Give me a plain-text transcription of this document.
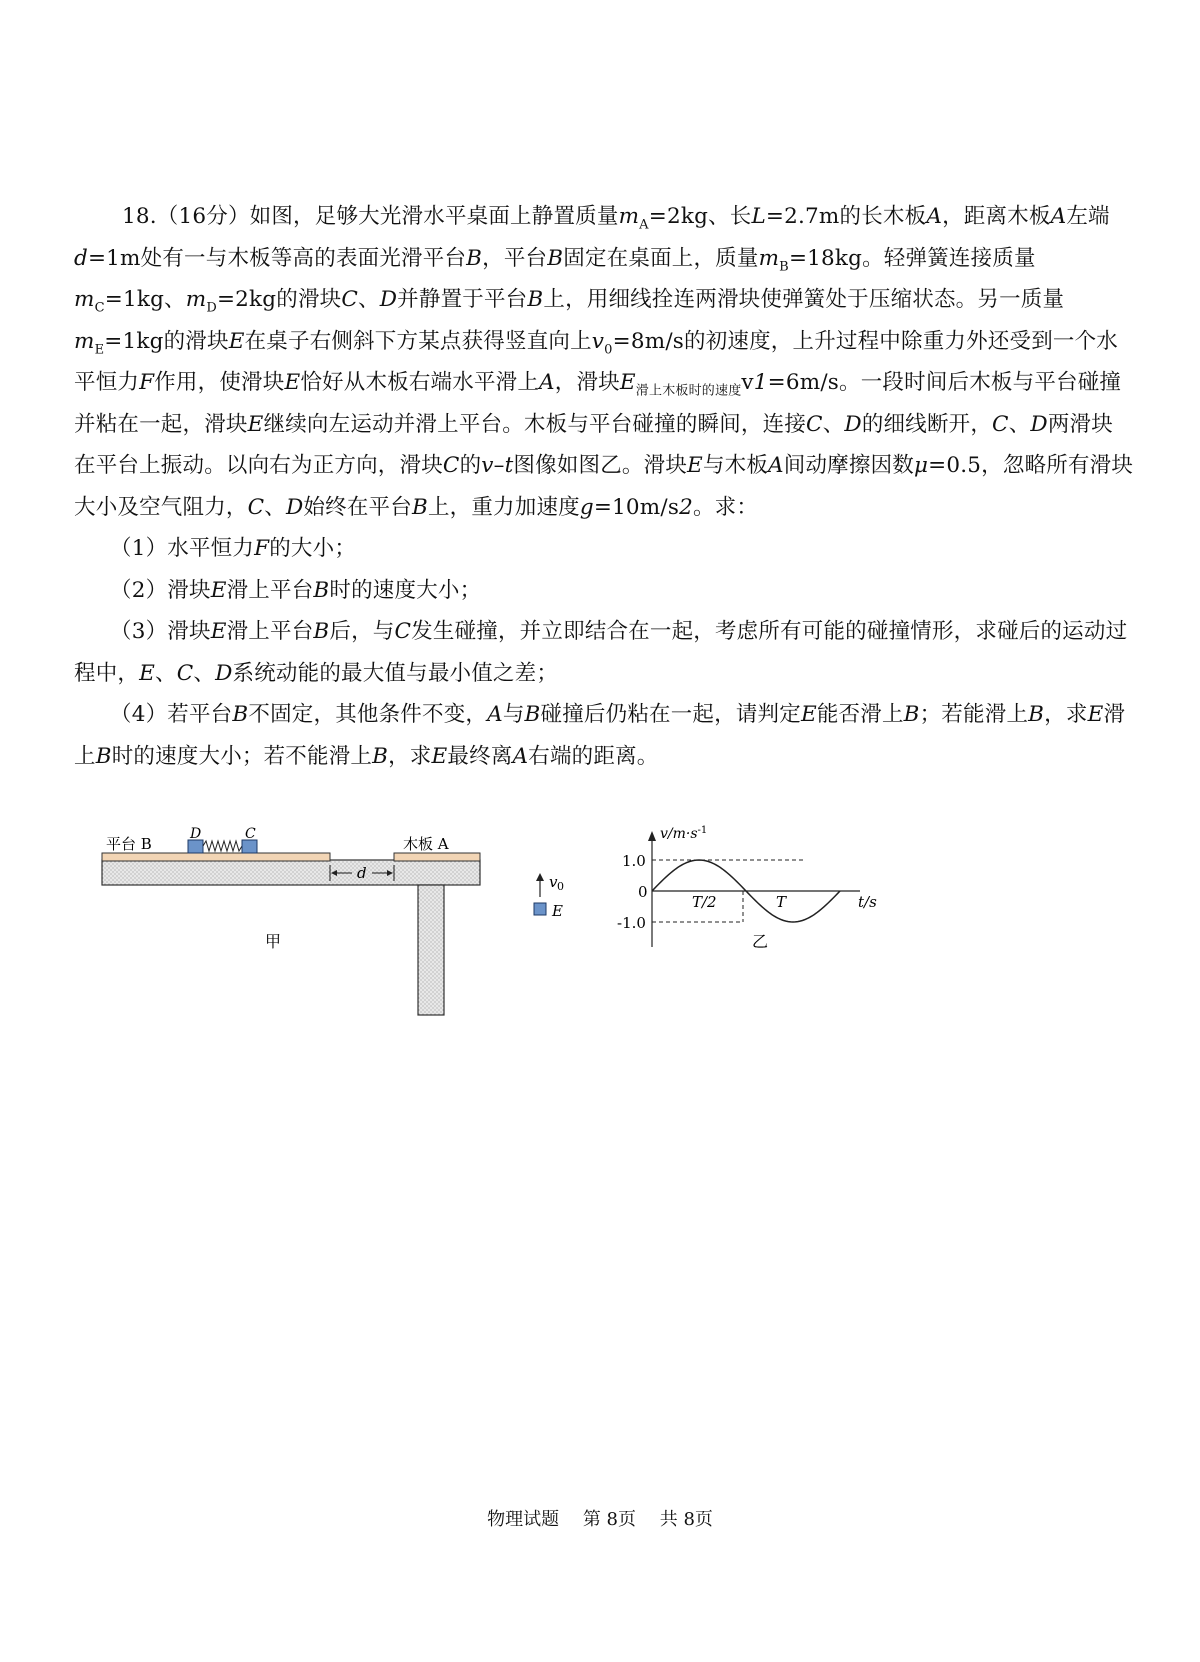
18.（16分）如图，足够大光滑水平桌面上静置质量$m_A=2kg$、长L=2.7m的长木板A，距离木板A左端d=1m处有一与木板等高的表面光滑平台B，平台B固定在桌面上，质量$m_B=18kg$。轻弹簧连接质量$m_C=1kg$、$m_D=2kg$的滑块C、D并静置于平台B上，用细线拴连两滑块使弹簧处于压缩状态。另一质量$m_E=1kg$的滑块E在桌子右侧斜下方某点获得竖直向上$v_0=8m/s$的初速度，上升过程中除重力外还受到一个水平恒力F作用，使滑块E恰好从木板右端水平滑上A，滑块$E_{滑上木板时的速度}v1=6m/s$。一段时间后木板与平台碰撞并粘在一起，滑块E继续向左运动并滑上平台。木板与平台碰撞的瞬间，连接C、D的细线断开，C、D两滑块在平台上振动。以向右为正方向，滑块C的v–t图像如图乙。滑块E与木板A间动摩擦因数μ=0.5，忽略所有滑块大小及空气阻力，C、D始终在平台B上，重力加速度g=10m/s2。求：

（1）水平恒力F的大小；

（2）滑块E滑上平台B时的速度大小；

（3）滑块E滑上平台B后，与C发生碰撞，并立即结合在一起，考虑所有可能的碰撞情形，求碰后的运动过程中，E、C、D系统动能的最大值与最小值之差；

（4）若平台B不固定，其他条件不变，A与B碰撞后仍粘在一起，请判定E能否滑上B；若能滑上B，求E滑上B时的速度大小；若不能滑上B，求E最终离A右端的距离。

平台 B	木板 A
D	C
d	v 0
E
甲
1.0
0
-1.0
T/2	T
$v/m\cdot s^{-1}$
t/s
乙
物理试题 第 8页 共 8页
